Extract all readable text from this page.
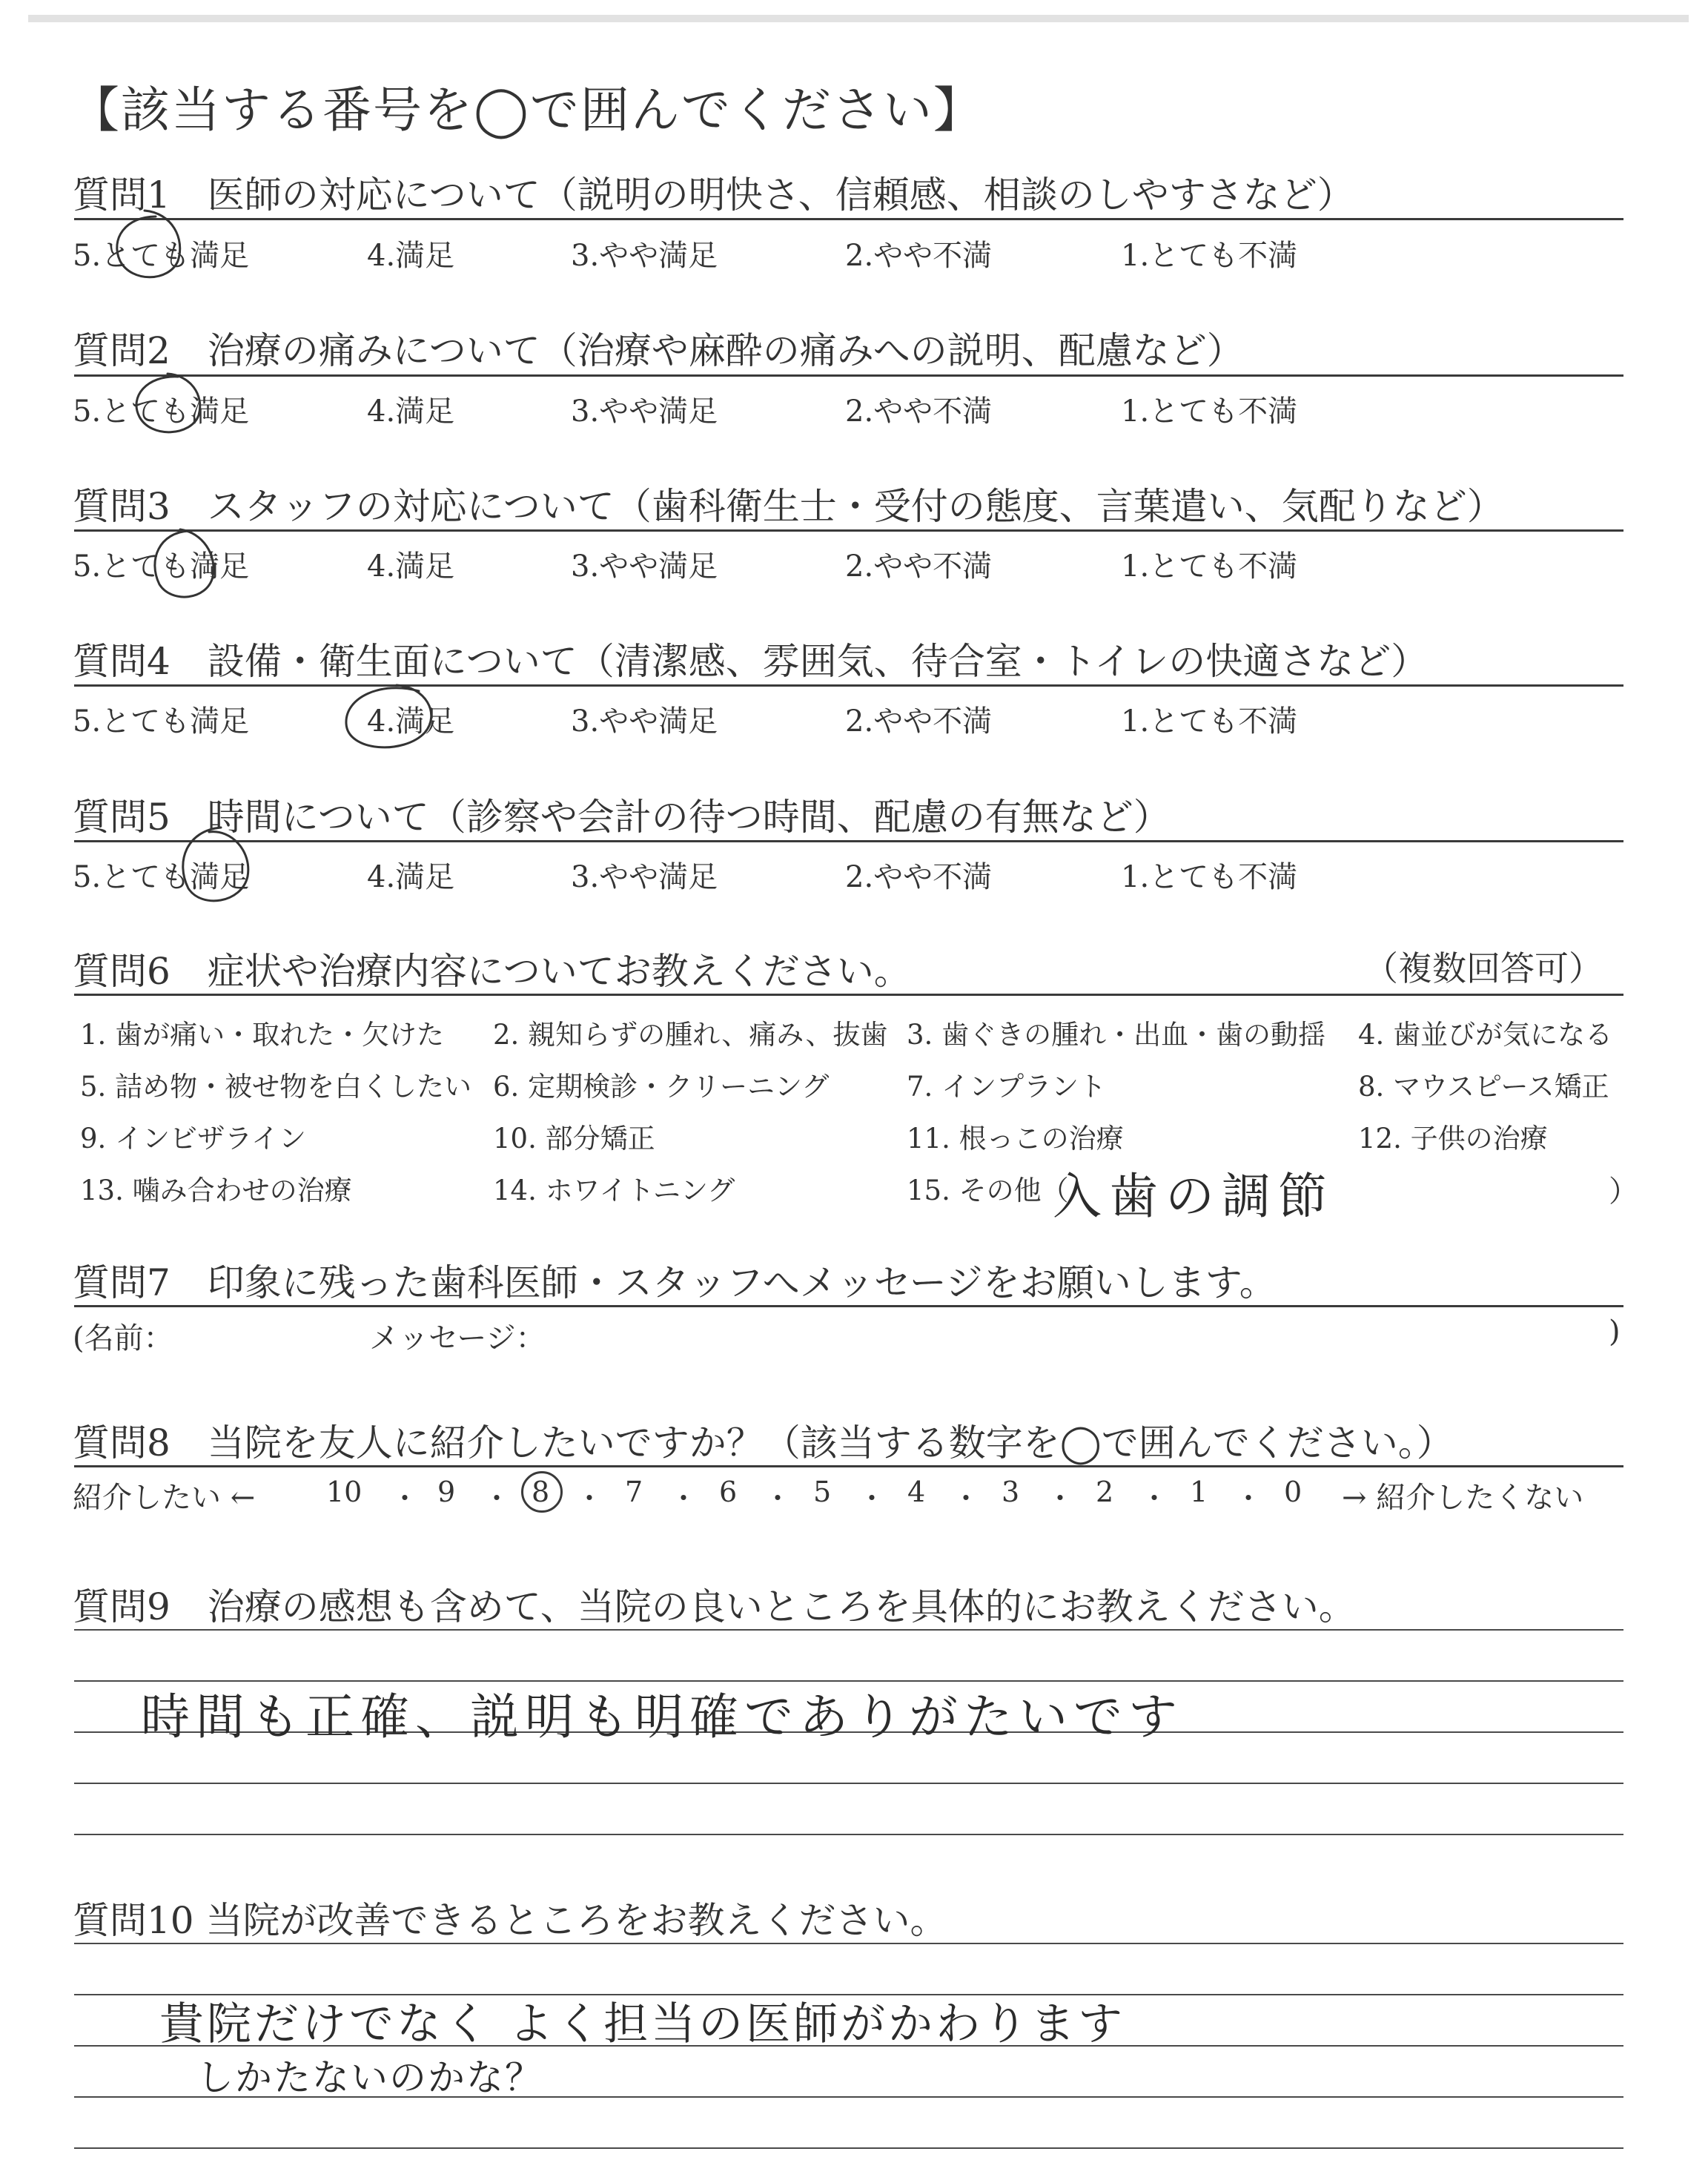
【該当する番号を◯で囲んでください】
質問1　医師の対応について（説明の明快さ、信頼感、相談のしやすさなど）
5.とても満足	4.満足	3.やや満足	2.やや不満	1.とても不満
質問2　治療の痛みについて（治療や麻酔の痛みへの説明、配慮など）
5.とても満足	4.満足	3.やや満足	2.やや不満	1.とても不満
質問3　スタッフの対応について（歯科衛生士・受付の態度、言葉遣い、気配りなど）
5.とても満足	4.満足	3.やや満足	2.やや不満	1.とても不満
質問4　設備・衛生面について（清潔感、雰囲気、待合室・トイレの快適さなど）
5.とても満足	4.満足	3.やや満足	2.やや不満	1.とても不満
質問5　時間について（診察や会計の待つ時間、配慮の有無など）
5.とても満足	4.満足	3.やや満足	2.やや不満	1.とても不満
質問6　症状や治療内容についてお教えください。	（複数回答可）
1. 歯が痛い・取れた・欠けた 2. 親知らずの腫れ、痛み、抜歯 3. 歯ぐきの腫れ・出血・歯の動揺 4. 歯並びが気になる
5. 詰め物・被せ物を白くしたい 6. 定期検診・クリーニング	7. インプラント	8. マウスピース矯正
9. インビザライン	10. 部分矯正	11. 根っこの治療	12. 子供の治療
13. 噛み合わせの治療	14. ホワイトニング	15. その他（
入歯の調節	）
質問7　印象に残った歯科医師・スタッフへメッセージをお願いします。
(名前：	メッセージ：	)
質問8　当院を友人に紹介したいですか？（該当する数字を◯で囲んでください。）
紹介したい ←	→ 紹介したくない
10 ・ 9 ・ 8 ・ 7 ・ 6 ・ 5 ・ 4 ・ 3 ・ 2 ・ 1 ・ 0
質問9　治療の感想も含めて、当院の良いところを具体的にお教えください。
時間も正確、説明も明確でありがたいです
質問10 当院が改善できるところをお教えください。
貴院だけでなく よく担当の医師がかわります
しかたないのかな？
